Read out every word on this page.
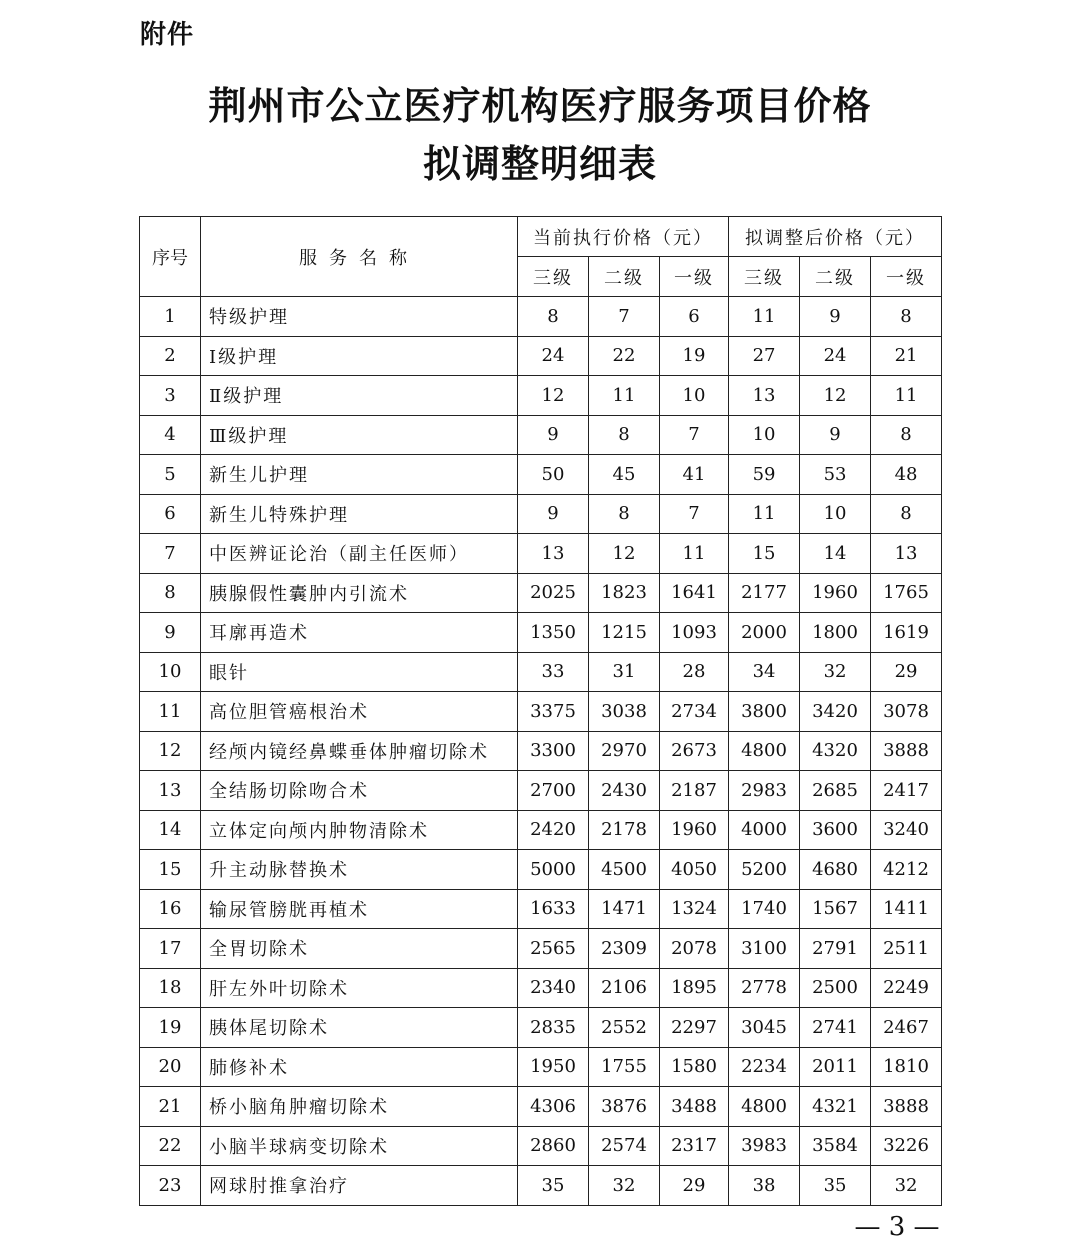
附件
荆州市公立医疗机构医疗服务项目价格
拟调整明细表
序号	服务名称	当前执行价格（元）			拟调整后价格（元）		
		三级	二级	一级	三级	二级	一级
1	特级护理	8	7	6	11	9	8
2	Ⅰ级护理	24	22	19	27	24	21
3	Ⅱ级护理	12	11	10	13	12	11
4	Ⅲ级护理	9	8	7	10	9	8
5	新生儿护理	50	45	41	59	53	48
6	新生儿特殊护理	9	8	7	11	10	8
7	中医辨证论治（副主任医师）	13	12	11	15	14	13
8	胰腺假性囊肿内引流术	2025	1823	1641	2177	1960	1765
9	耳廓再造术	1350	1215	1093	2000	1800	1619
10	眼针	33	31	28	34	32	29
11	高位胆管癌根治术	3375	3038	2734	3800	3420	3078
12	经颅内镜经鼻蝶垂体肿瘤切除术	3300	2970	2673	4800	4320	3888
13	全结肠切除吻合术	2700	2430	2187	2983	2685	2417
14	立体定向颅内肿物清除术	2420	2178	1960	4000	3600	3240
15	升主动脉替换术	5000	4500	4050	5200	4680	4212
16	输尿管膀胱再植术	1633	1471	1324	1740	1567	1411
17	全胃切除术	2565	2309	2078	3100	2791	2511
18	肝左外叶切除术	2340	2106	1895	2778	2500	2249
19	胰体尾切除术	2835	2552	2297	3045	2741	2467
20	肺修补术	1950	1755	1580	2234	2011	1810
21	桥小脑角肿瘤切除术	4306	3876	3488	4800	4321	3888
22	小脑半球病变切除术	2860	2574	2317	3983	3584	3226
23	网球肘推拿治疗	35	32	29	38	35	32
— 3 —
